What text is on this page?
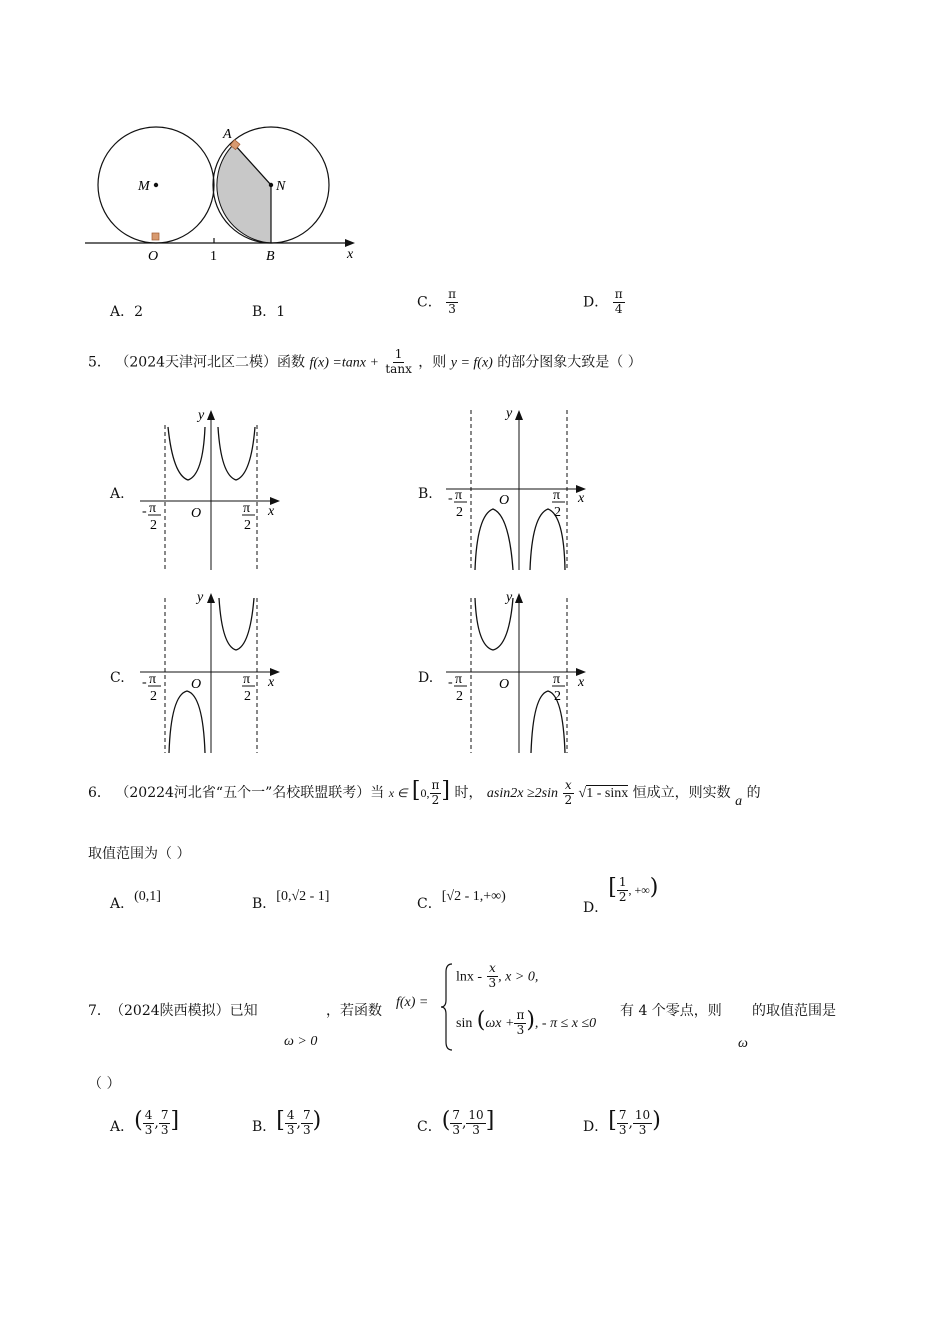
A
M	N
O	1	B	x
A．2	B．1
C． $\frac{\pi}{3}$	D． $\frac{\pi}{4}$
5． （2024天津河北区二模）函数 $f(x) =\tan x + \frac{1}{\tan x}$ ，则 y = f(x) 的部分图象大致是（ ）
A.	B.
C.	D.
y
O	x
- π
2
π
2
y
O	x
- π
2
π
2
y
O	x
- π
2
π
2
y
O	x
- π
2
π
2
6． （20224河北省“五个一”名校联盟联考）当 x ∈ [0, $\frac{\pi}{2}$ ] 时， $asin2x \ge 2\sin \frac{x}{2} √1 - \sin x$ 恒成立，则实数 a 的
取值范围为（ ）
A．(0,1]	B．[0,√2 - 1]	C．[√2 - 1,+∞)
D．[ $\frac{1}{2}$ , +∞)
7． （2024陕西模拟）已知
ω > 0
，若函数
f(x) =
lnx - $\frac{x}{3}$ , x > 0,
$\sin (\omega x + \frac{\pi}{3}$ ), - π ≤ x ≤0
有 4 个零点，则
ω
的取值范围是
（ ）
A．( $\frac{4}{3}$ , $\frac{7}{3}$ ]	B．[ $\frac{4}{3}$ , $\frac{7}{3}$ )	C．( $\frac{7}{3}$ , $\frac{10}{3}$ ]	D．[ $\frac{7}{3}$ , $\frac{10}{3}$ )
